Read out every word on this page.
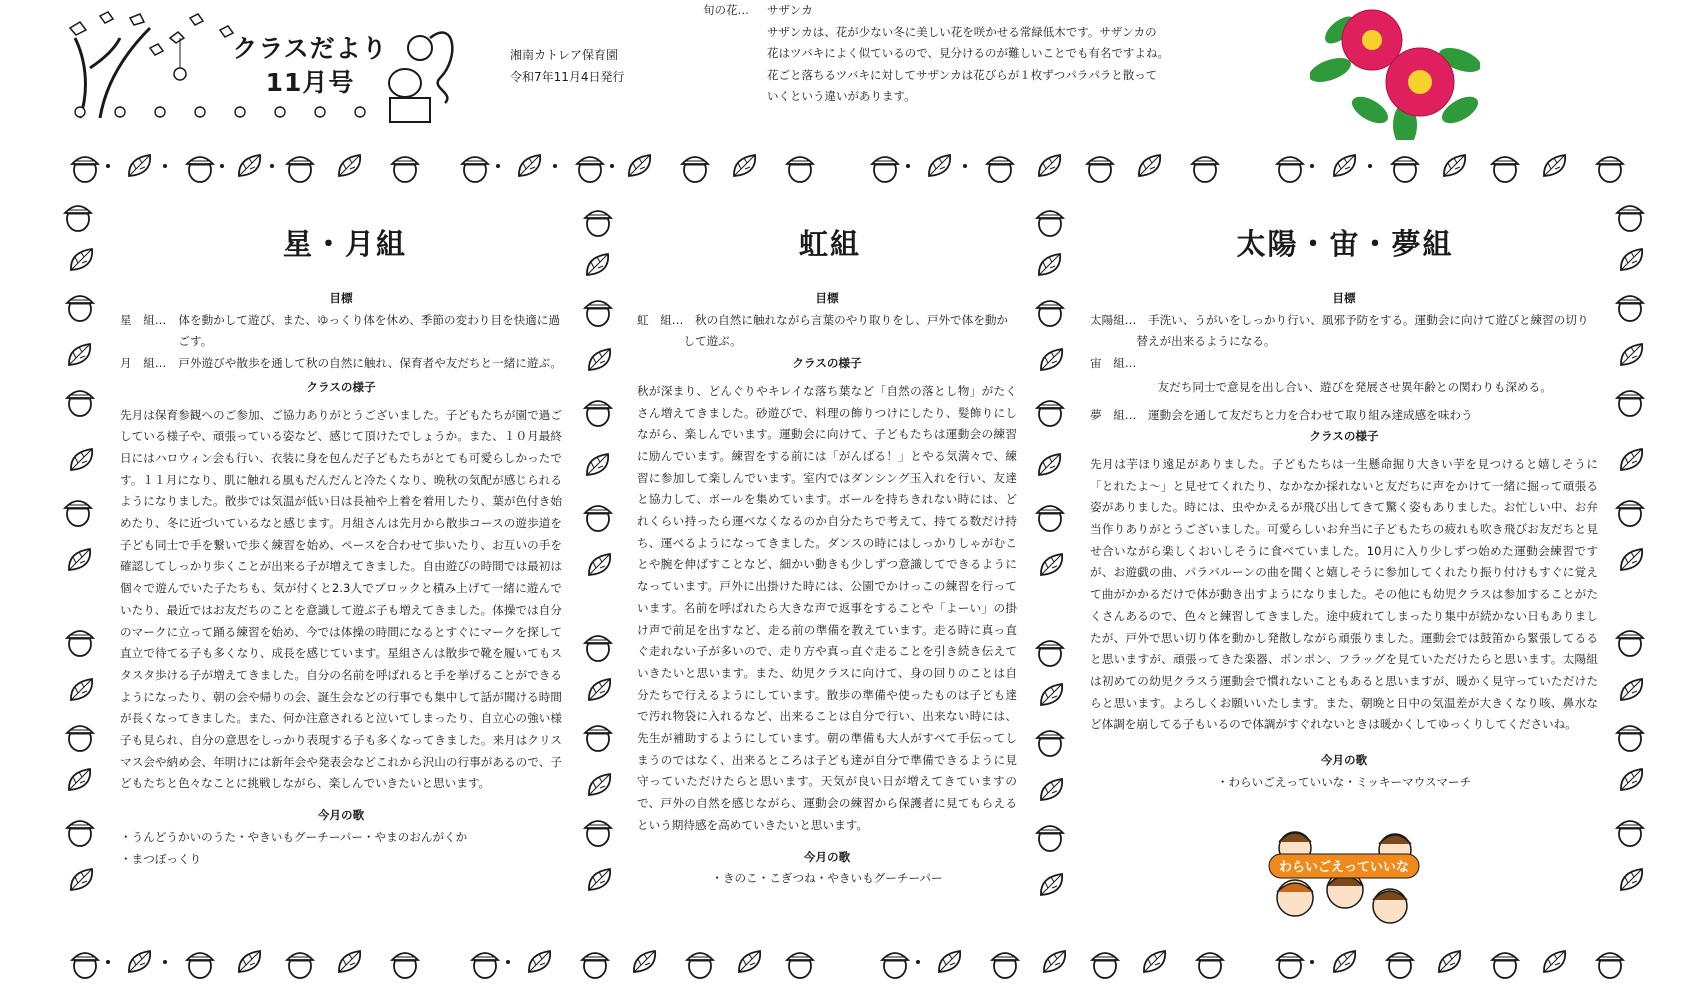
クラスだより
11月号
湘南カトレア保育園
令和7年11月4日発行

旬の花… サザンカ

サザンカは、花が少ない冬に美しい花を咲かせる常緑低木です。サザンカの

花はツバキによく似ているので、見分けるのが難しいことでも有名ですよね。

花ごと落ちるツバキに対してサザンカは花びらが１枚ずつパラパラと散って

いくという違いがあります。

星・月組
目標
星　組…	体を動かして遊び、また、ゆっくり体を休め、季節の変わり目を快適に過ごす。
月　組…	戸外遊びや散歩を通して秋の自然に触れ、保育者や友だちと一緒に遊ぶ。
クラスの様子

先月は保育参観へのご参加、ご協力ありがとうございました。子どもたちが園で過ごしている様子や、頑張っている姿など、感じて頂けたでしょうか。また、１０月最終日にはハロウィン会も行い、衣装に身を包んだ子どもたちがとても可愛らしかったです。１１月になり、肌に触れる風もだんだんと冷たくなり、晩秋の気配が感じられるようになりました。散歩では気温が低い日は長袖や上着を着用したり、葉が色付き始めたり、冬に近づいているなと感じます。月組さんは先月から散歩コースの遊歩道を子ども同士で手を繋いで歩く練習を始め、ペースを合わせて歩いたり、お互いの手を確認してしっかり歩くことが出来る子が増えてきました。自由遊びの時間では最初は個々で遊んでいた子たちも、気が付くと2.3人でブロックと積み上げて一緒に遊んでいたり、最近ではお友だちのことを意識して遊ぶ子も増えてきました。体操では自分のマークに立って踊る練習を始め、今では体操の時間になるとすぐにマークを探して直立で待てる子も多くなり、成長を感じています。星組さんは散歩で靴を履いてもスタスタ歩ける子が増えてきました。自分の名前を呼ばれると手を挙げることができるようになったり、朝の会や帰りの会、誕生会などの行事でも集中して話が聞ける時間が長くなってきました。また、何か注意されると泣いてしまったり、自立心の強い様子も見られ、自分の意思をしっかり表現する子も多くなってきました。来月はクリスマス会や納め会、年明けには新年会や発表会などこれから沢山の行事があるので、子どもたちと色々なことに挑戦しながら、楽しんでいきたいと思います。

今月の歌
・うんどうかいのうた・やきいもグーチーパー・やまのおんがくか
・まつぼっくり
虹組
目標
虹　組… 　秋の自然に触れながら言葉のやり取りをし、戸外で体を動かして遊ぶ。
クラスの様子

秋が深まり、どんぐりやキレイな落ち葉など「自然の落とし物」がたくさん増えてきました。砂遊びで、料理の飾りつけにしたり、髪飾りにしながら、楽しんでいます。運動会に向けて、子どもたちは運動会の練習に励んでいます。練習をする前には「がんばる！」とやる気満々で、練習に参加して楽しんでいます。室内ではダンシング玉入れを行い、友達と協力して、ボールを集めています。ボールを持ちきれない時には、どれくらい持ったら運べなくなるのか自分たちで考えて、持てる数だけ持ち、運べるようになってきました。ダンスの時にはしっかりしゃがむことや腕を伸ばすことなど、細かい動きも少しずつ意識してできるようになっています。戸外に出掛けた時には、公園でかけっこの練習を行っています。名前を呼ばれたら大きな声で返事をすることや「よーい」の掛け声で前足を出すなど、走る前の準備を教えています。走る時に真っ直ぐ走れない子が多いので、走り方や真っ直ぐ走ることを引き続き伝えていきたいと思います。また、幼児クラスに向けて、身の回りのことは自分たちで行えるようにしています。散歩の準備や使ったものは子ども達で汚れ物袋に入れるなど、出来ることは自分で行い、出来ない時には、先生が補助するようにしています。朝の準備も大人がすべて手伝ってしまうのではなく、出来るところは子ども達が自分で準備できるように見守っていただけたらと思います。天気が良い日が増えてきていますので、戸外の自然を感じながら、運動会の練習から保護者に見てもらえるという期待感を高めていきたいと思います。

今月の歌
・きのこ・こぎつね・やきいもグーチーパー
太陽・宙・夢組
目標
太陽組… 　手洗い、うがいをしっかり行い、風邪予防をする。運動会に向けて遊びと練習の切り替えが出来るようになる。
宙　組…
　友だち同士で意見を出し合い、遊びを発展させ異年齢との関わりも深める。
夢　組… 　運動会を通して友だちと力を合わせて取り組み達成感を味わう
クラスの様子

先月は芋ほり遠足がありました。子どもたちは一生懸命掘り大きい芋を見つけると嬉しそうに「とれたよ～」と見せてくれたり、なかなか採れないと友だちに声をかけて一緒に掘って頑張る姿がありました。時には、虫やかえるが飛び出してきて驚く姿もありました。お忙しい中、お弁当作りありがとうございました。可愛らしいお弁当に子どもたちの疲れも吹き飛びお友だちと見せ合いながら楽しくおいしそうに食べていました。10月に入り少しずつ始めた運動会練習ですが、お遊戯の曲、パラバルーンの曲を聞くと嬉しそうに参加してくれたり振り付けもすぐに覚えて曲がかかるだけで体が動き出すようになりました。その他にも幼児クラスは参加することがたくさんあるので、色々と練習してきました。途中疲れてしまったり集中が続かない日もありましたが、戸外で思い切り体を動かし発散しながら頑張りました。運動会では鼓笛から緊張してるると思いますが、頑張ってきた楽器、ポンポン、フラッグを見ていただけたらと思います。太陽組は初めての幼児クラスう運動会で慣れないこともあると思いますが、暖かく見守っていただけたらと思います。よろしくお願いいたします。また、朝晩と日中の気温差が大きくなり咳、鼻水など体調を崩してる子もいるので体調がすぐれないときは暖かくしてゆっくりしてくださいね。

今月の歌
・わらいごえっていいな・ミッキーマウスマーチ
わらいごえっていいな
